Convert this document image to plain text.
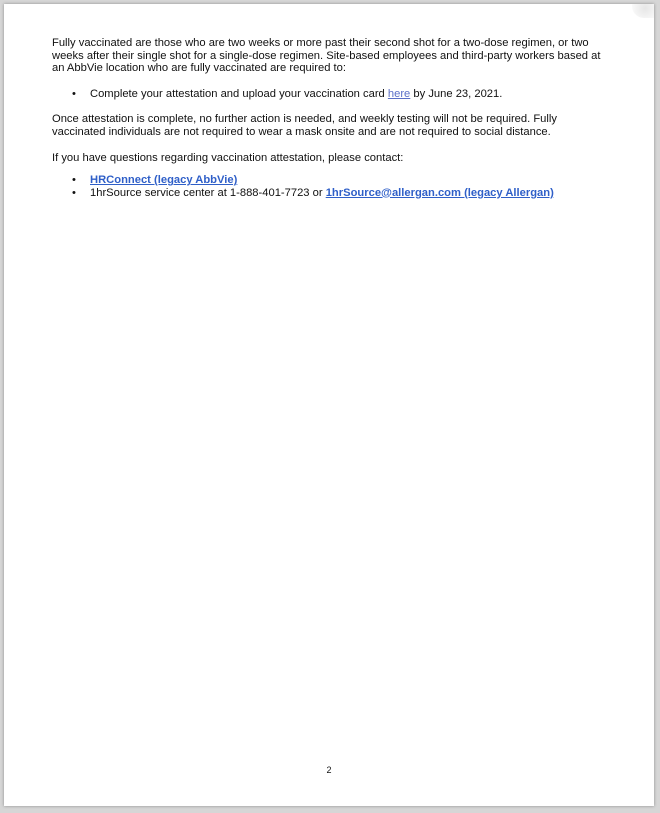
Fully vaccinated are those who are two weeks or more past their second shot for a two-dose regimen, or two weeks after their single shot for a single-dose regimen. Site-based employees and third-party workers based at an AbbVie location who are fully vaccinated are required to:

• Complete your attestation and upload your vaccination card here by June 23, 2021.

Once attestation is complete, no further action is needed, and weekly testing will not be required. Fully vaccinated individuals are not required to wear a mask onsite and are not required to social distance.

If you have questions regarding vaccination attestation, please contact:

• HRConnect (legacy AbbVie)
• 1hrSource service center at 1-888-401-7723 or 1hrSource@allergan.com (legacy Allergan)
2
